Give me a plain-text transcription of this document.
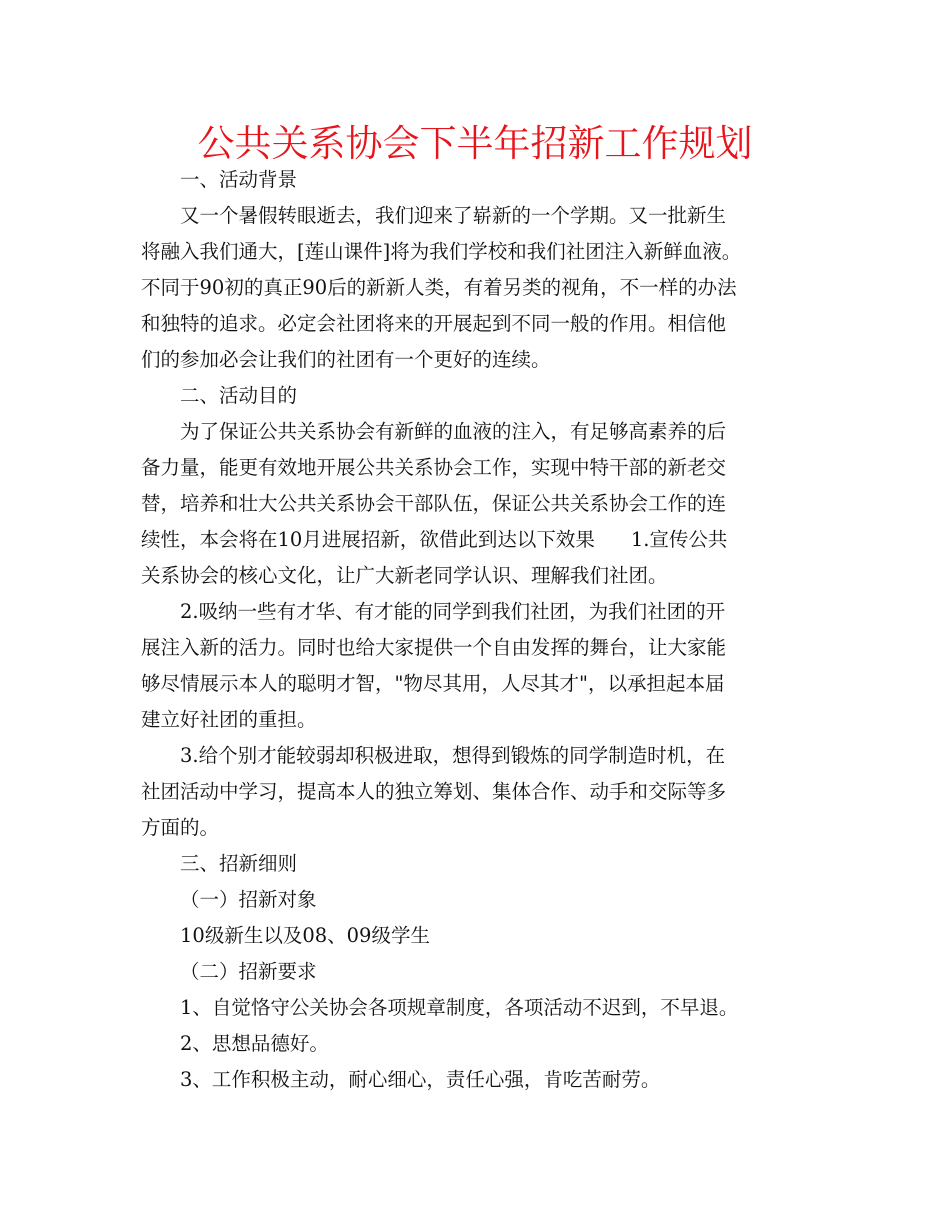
公共关系协会下半年招新工作规划
一、活动背景
又一个暑假转眼逝去，我们迎来了崭新的一个学期。又一批新生
将融入我们通大，[莲山课件]将为我们学校和我们社团注入新鲜血液。
不同于90初的真正90后的新新人类，有着另类的视角，不一样的办法
和独特的追求。必定会社团将来的开展起到不同一般的作用。相信他
们的参加必会让我们的社团有一个更好的连续。
二、活动目的
为了保证公共关系协会有新鲜的血液的注入，有足够高素养的后
备力量，能更有效地开展公共关系协会工作，实现中特干部的新老交
替，培养和壮大公共关系协会干部队伍，保证公共关系协会工作的连
续性，本会将在10月进展招新，欲借此到达以下效果 1.宣传公共
关系协会的核心文化，让广大新老同学认识、理解我们社团。
2.吸纳一些有才华、有才能的同学到我们社团，为我们社团的开
展注入新的活力。同时也给大家提供一个自由发挥的舞台，让大家能
够尽情展示本人的聪明才智，"物尽其用，人尽其才"，以承担起本届
建立好社团的重担。
3.给个别才能较弱却积极进取，想得到锻炼的同学制造时机，在
社团活动中学习，提高本人的独立筹划、集体合作、动手和交际等多
方面的。
三、招新细则
（一）招新对象
10级新生以及08、09级学生
（二）招新要求
1、自觉恪守公关协会各项规章制度，各项活动不迟到，不早退。
2、思想品德好。
3、工作积极主动，耐心细心，责任心强，肯吃苦耐劳。
